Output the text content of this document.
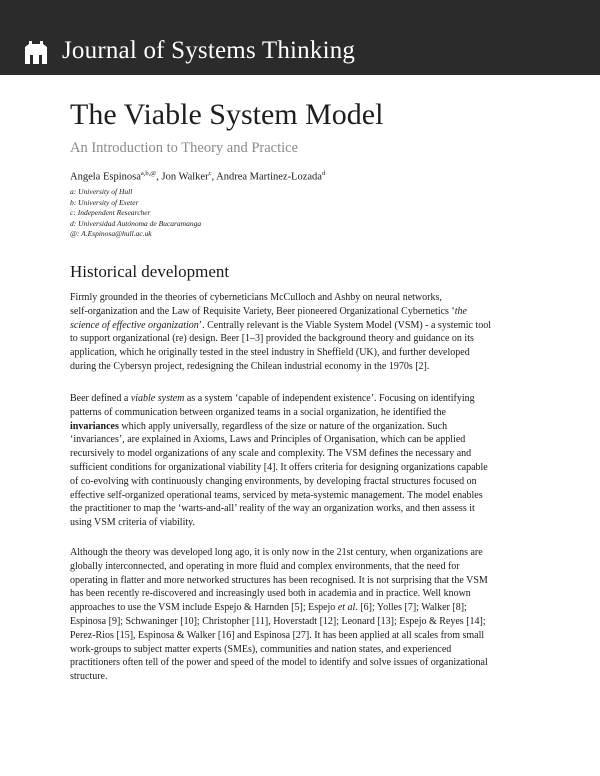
Journal of Systems Thinking
The Viable System Model
An Introduction to Theory and Practice
Angela Espinosa$^{a,b,@}$, Jon Walker$^c$, Andrea Martinez-Lozada$^d$
a: University of Hull
b: University of Exeter
c: Independent Researcher
d: Universidad Autónoma de Bucaramanga
@: A.Espinosa@hull.ac.uk
Historical development
Firmly grounded in the theories of cyberneticians McCulloch and Ashby on neural networks,
self-organization and the Law of Requisite Variety, Beer pioneered Organizational Cybernetics ‘the
science of effective organization’. Centrally relevant is the Viable System Model (VSM) - a systemic tool
to support organizational (re) design. Beer [1–3] provided the background theory and guidance on its
application, which he originally tested in the steel industry in Sheffield (UK), and further developed
during the Cybersyn project, redesigning the Chilean industrial economy in the 1970s [2].
Beer defined a viable system as a system ‘capable of independent existence’. Focusing on identifying
patterns of communication between organized teams in a social organization, he identified the
invariances which apply universally, regardless of the size or nature of the organization. Such
‘invariances’, are explained in Axioms, Laws and Principles of Organisation, which can be applied
recursively to model organizations of any scale and complexity. The VSM defines the necessary and
sufficient conditions for organizational viability [4]. It offers criteria for designing organizations capable
of co-evolving with continuously changing environments, by developing fractal structures focused on
effective self-organized operational teams, serviced by meta-systemic management. The model enables
the practitioner to map the ‘warts-and-all’ reality of the way an organization works, and then assess it
using VSM criteria of viability.
Although the theory was developed long ago, it is only now in the 21st century, when organizations are
globally interconnected, and operating in more fluid and complex environments, that the need for
operating in flatter and more networked structures has been recognised. It is not surprising that the VSM
has been recently re-discovered and increasingly used both in academia and in practice. Well known
approaches to use the VSM include Espejo & Harnden [5]; Espejo et al. [6]; Yolles [7]; Walker [8];
Espinosa [9]; Schwaninger [10]; Christopher [11], Hoverstadt [12]; Leonard [13]; Espejo & Reyes [14];
Perez-Rios [15], Espinosa & Walker [16] and Espinosa [27]. It has been applied at all scales from small
work-groups to subject matter experts (SMEs), communities and nation states, and experienced
practitioners often tell of the power and speed of the model to identify and solve issues of organizational
structure.
